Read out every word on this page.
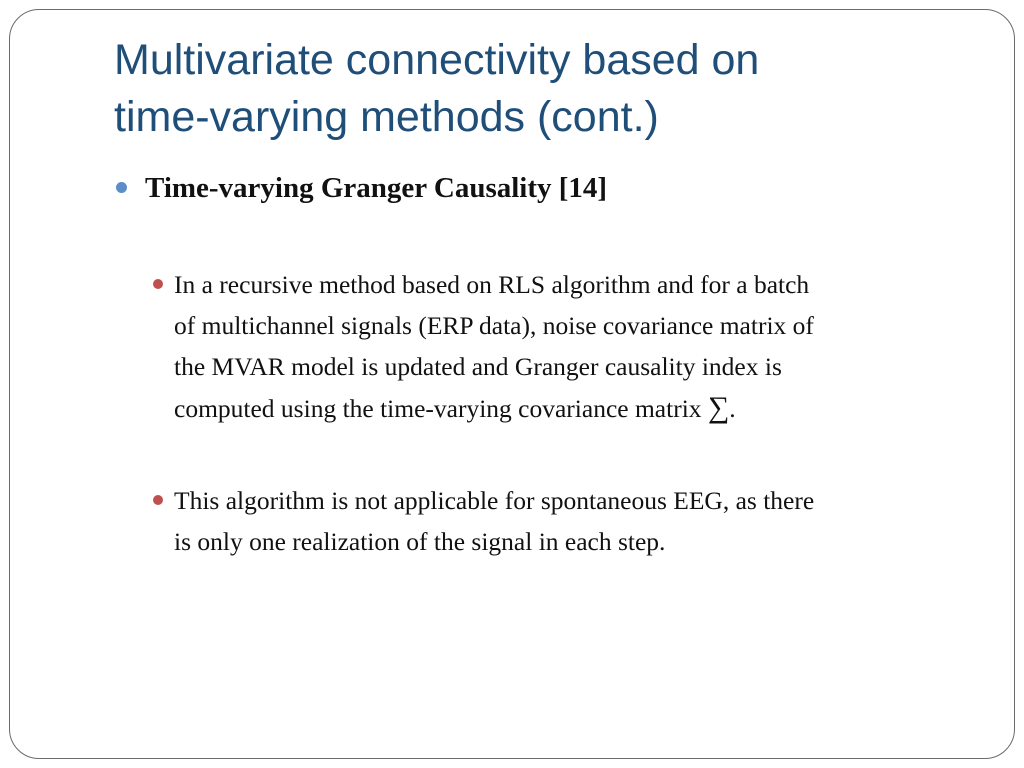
Multivariate connectivity based on
time-varying methods (cont.)
Time-varying Granger Causality [14]
In a recursive method based on RLS algorithm and for a batch
of multichannel signals (ERP data), noise covariance matrix of
the MVAR model is updated and Granger causality index is
computed using the time-varying covariance matrix ∑.
This algorithm is not applicable for spontaneous EEG, as there
is only one realization of the signal in each step.
